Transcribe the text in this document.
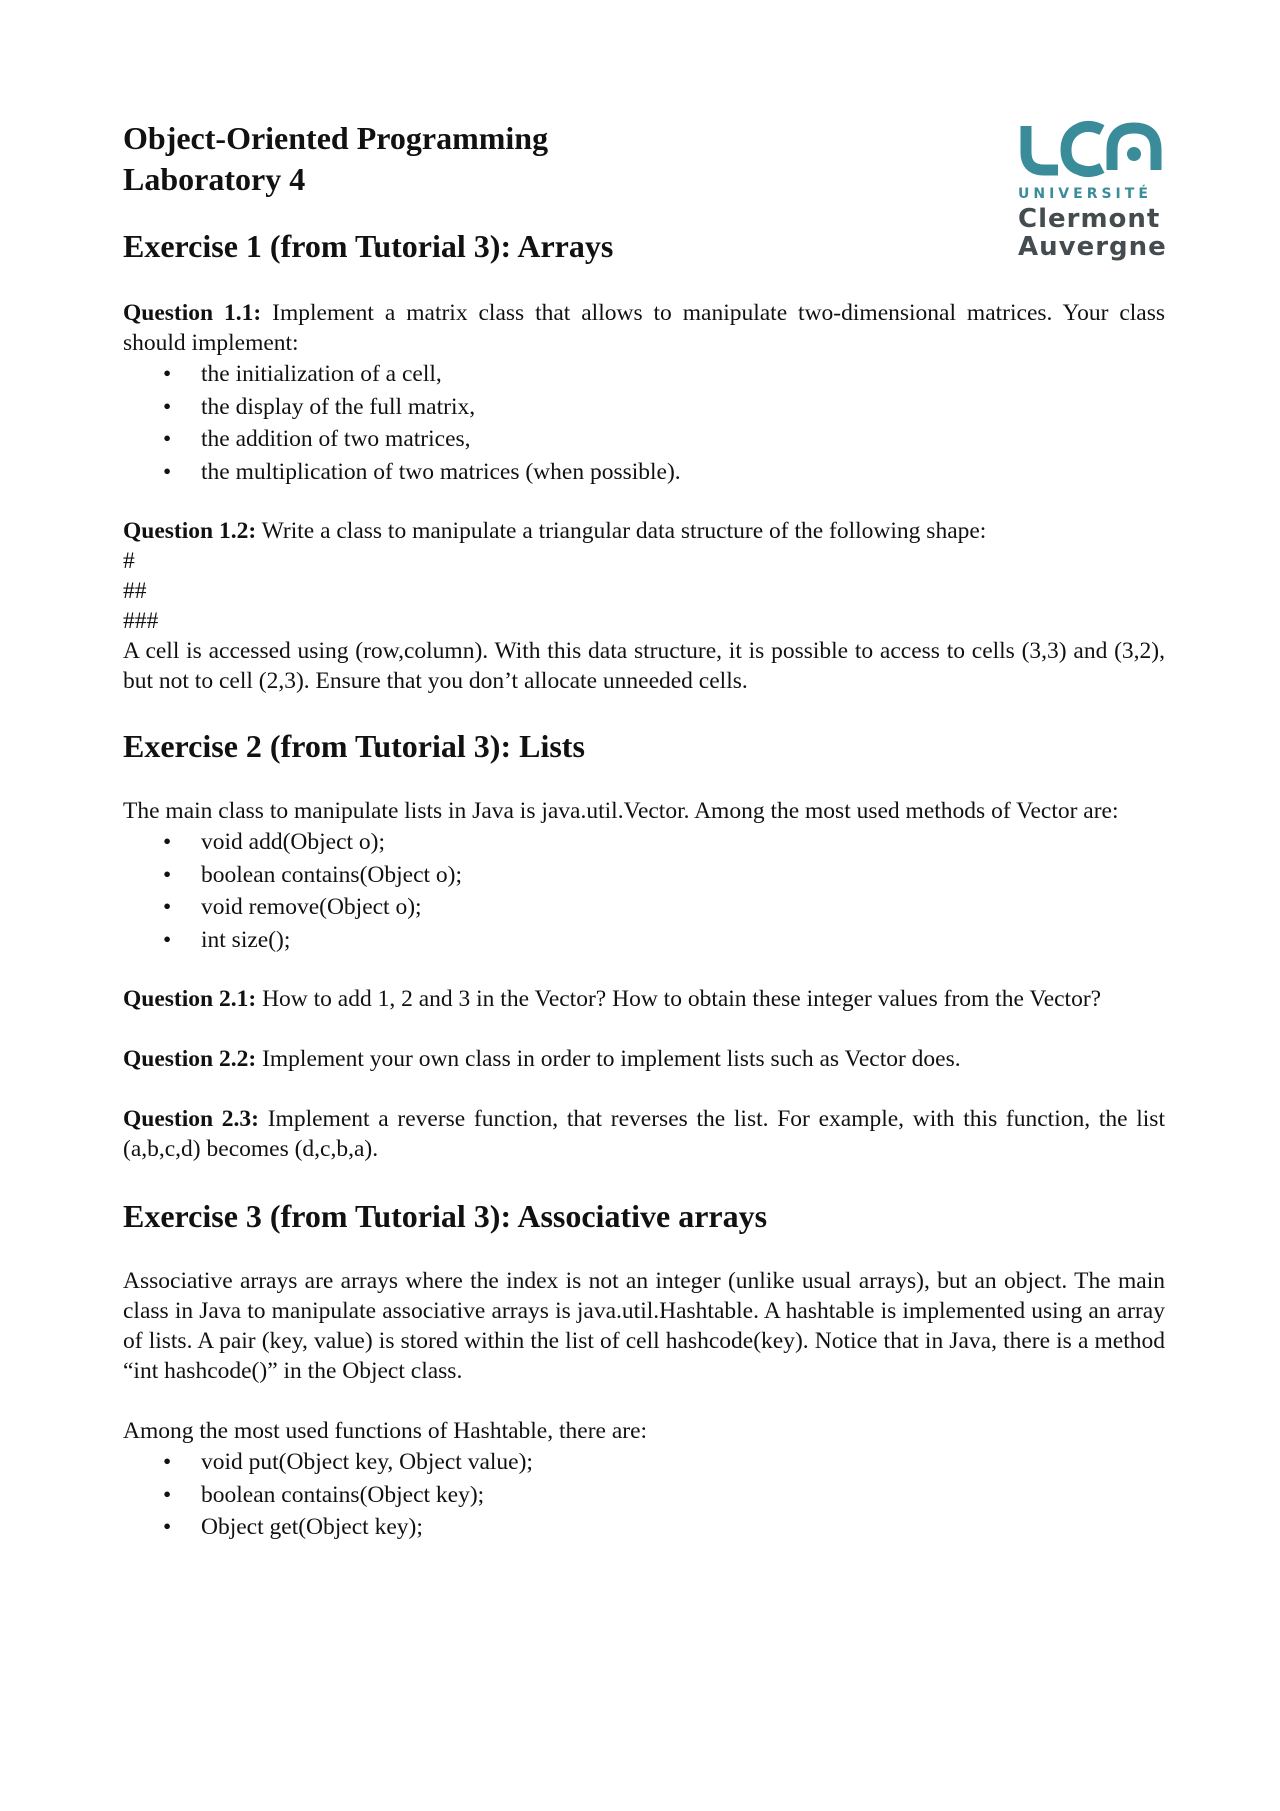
UNIVERSITÉ
Clermont
Auvergne
Object-Oriented Programming
Laboratory 4
Exercise 1 (from Tutorial 3): Arrays

Question 1.1: Implement a matrix class that allows to manipulate two-dimensional matrices. Your class should implement:

• the initialization of a cell,
• the display of the full matrix,
• the addition of two matrices,
• the multiplication of two matrices (when possible).

Question 1.2: Write a class to manipulate a triangular data structure of the following shape:

#
##
###

A cell is accessed using (row,column). With this data structure, it is possible to access to cells (3,3) and (3,2), but not to cell (2,3). Ensure that you don’t allocate unneeded cells.

Exercise 2 (from Tutorial 3): Lists

The main class to manipulate lists in Java is java.util.Vector. Among the most used methods of Vector are:

• void add(Object o);
• boolean contains(Object o);
• void remove(Object o);
• int size();

Question 2.1: How to add 1, 2 and 3 in the Vector? How to obtain these integer values from the Vector?

Question 2.2: Implement your own class in order to implement lists such as Vector does.

Question 2.3: Implement a reverse function, that reverses the list. For example, with this function, the list (a,b,c,d) becomes (d,c,b,a).

Exercise 3 (from Tutorial 3): Associative arrays

Associative arrays are arrays where the index is not an integer (unlike usual arrays), but an object. The main class in Java to manipulate associative arrays is java.util.Hashtable. A hashtable is implemented using an array of lists. A pair (key, value) is stored within the list of cell hashcode(key). Notice that in Java, there is a method “int hashcode()” in the Object class.

Among the most used functions of Hashtable, there are:

• void put(Object key, Object value);
• boolean contains(Object key);
• Object get(Object key);
